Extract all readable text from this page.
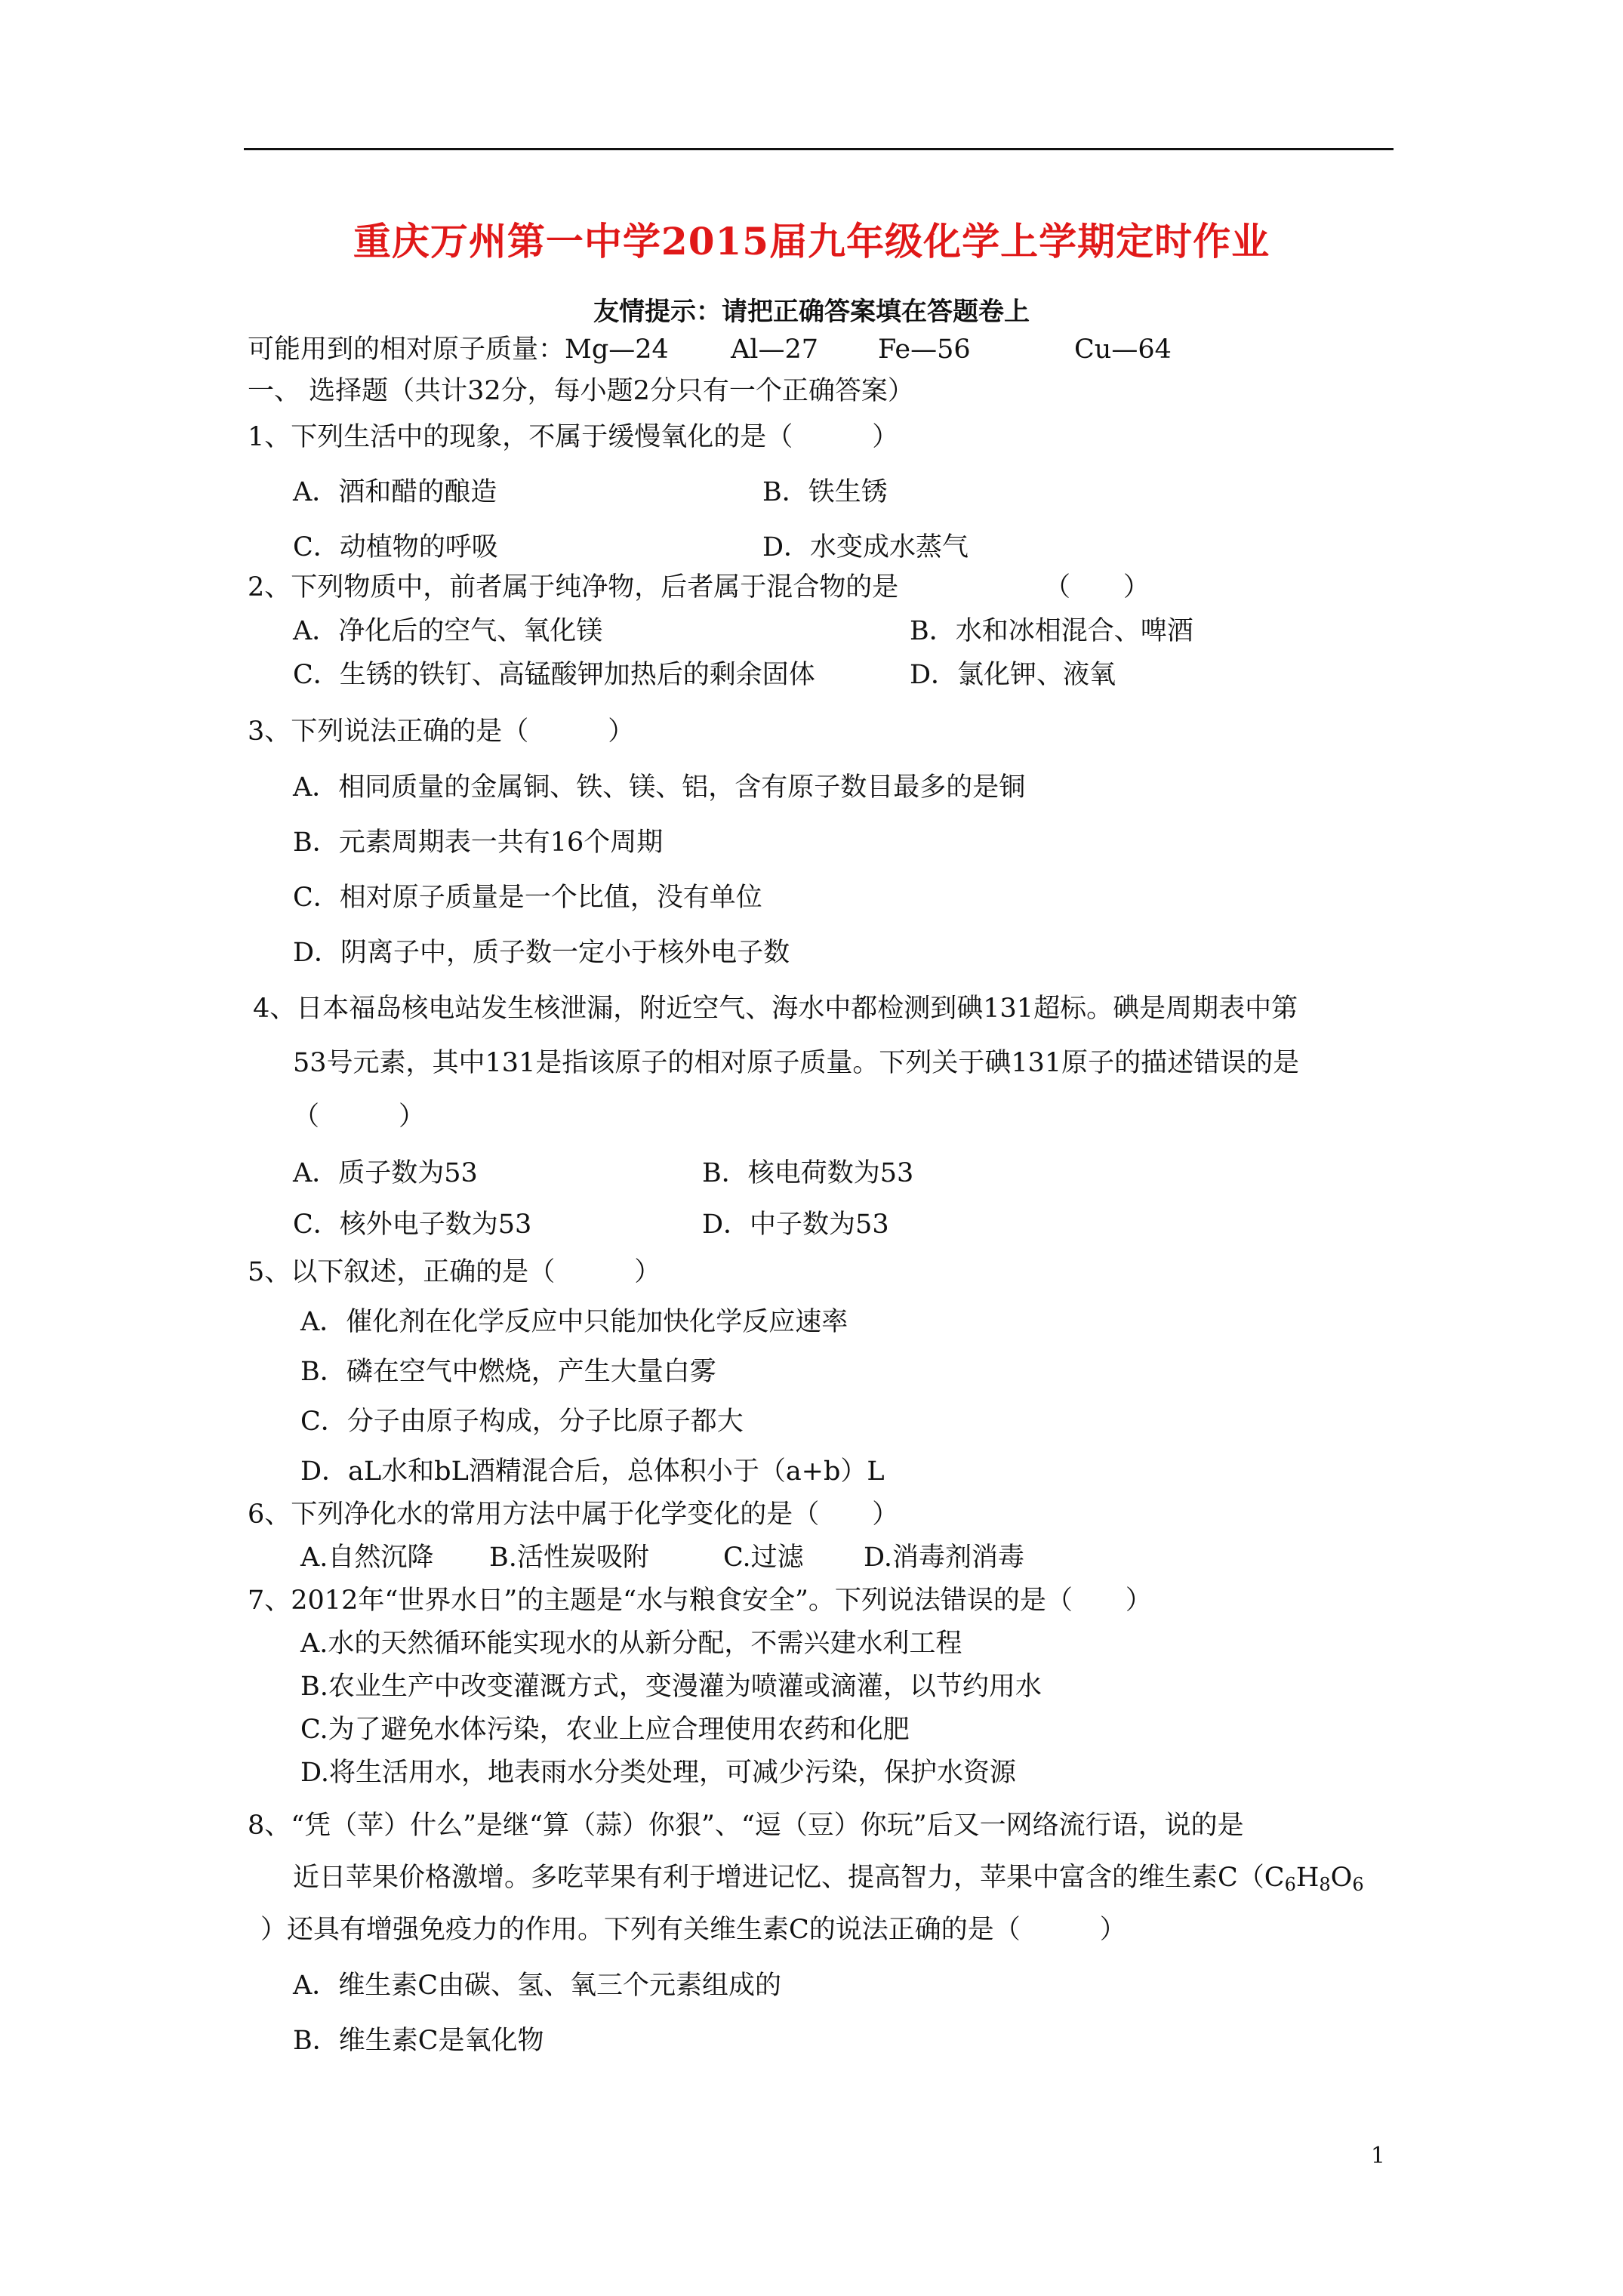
重庆万州第一中学2015届九年级化学上学期定时作业
友情提示：请把正确答案填在答题卷上
可能用到的相对原子质量：Mg—24 Al—27 Fe—56	Cu—64
一、 选择题（共计32分，每小题2分只有一个正确答案）
1、下列生活中的现象，不属于缓慢氧化的是（　　　）
A．酒和醋的酿造	B．铁生锈
C．动植物的呼吸	D．水变成水蒸气
2、下列物质中，前者属于纯净物，后者属于混合物的是	（　　）
A．净化后的空气、氧化镁	B．水和冰相混合、啤酒
C．生锈的铁钉、高锰酸钾加热后的剩余固体	D．氯化钾、液氧
3、下列说法正确的是（　　　）
A．相同质量的金属铜、铁、镁、铝，含有原子数目最多的是铜
B．元素周期表一共有16个周期
C．相对原子质量是一个比值，没有单位
D．阴离子中，质子数一定小于核外电子数
4、日本福岛核电站发生核泄漏，附近空气、海水中都检测到碘131超标。碘是周期表中第
53号元素，其中131是指该原子的相对原子质量。下列关于碘131原子的描述错误的是
（　　　）
A．质子数为53	B．核电荷数为53
C．核外电子数为53	D．中子数为53
5、以下叙述，正确的是（　　　）
A．催化剂在化学反应中只能加快化学反应速率
B．磷在空气中燃烧，产生大量白雾
C．分子由原子构成，分子比原子都大
D．aL水和bL酒精混合后，总体积小于（a+b）L
6、下列净化水的常用方法中属于化学变化的是（　　）
A.自然沉降 B.活性炭吸附	C.过滤 D.消毒剂消毒
7、2012年“世界水日”的主题是“水与粮食安全”。下列说法错误的是（　　）
A.水的天然循环能实现水的从新分配，不需兴建水利工程
B.农业生产中改变灌溉方式，变漫灌为喷灌或滴灌，以节约用水
C.为了避免水体污染，农业上应合理使用农药和化肥
D.将生活用水，地表雨水分类处理，可减少污染，保护水资源
8、“凭（苹）什么”是继“算（蒜）你狠”、“逗（豆）你玩”后又一网络流行语，说的是
近日苹果价格激增。多吃苹果有利于增进记忆、提高智力，苹果中富含的维生素$C(C_6H_8O_6$
）还具有增强免疫力的作用。下列有关维生素C的说法正确的是（　　　）
A．维生素C由碳、氢、氧三个元素组成的
B．维生素C是氧化物
1
